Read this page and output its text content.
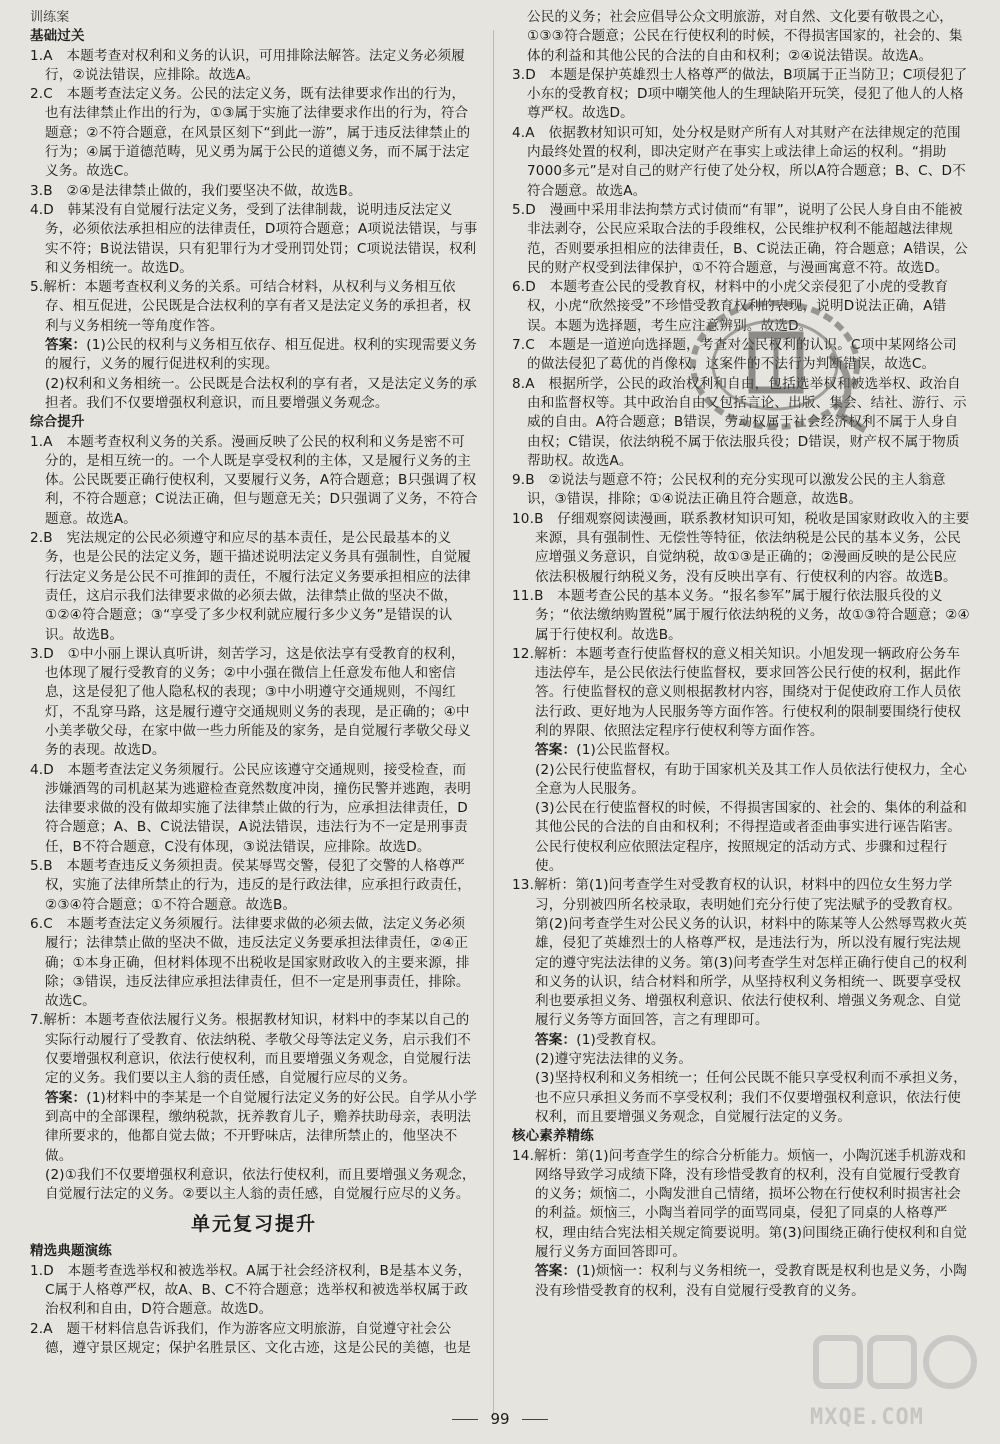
训练案
基础过关

1.A　本题考查对权利和义务的认识，可用排除法解答。法定义务必须履行，②说法错误，应排除。故选A。

2.C　本题考查法定义务。公民的法定义务，既有法律要求作出的行为，也有法律禁止作出的行为，①③属于实施了法律要求作出的行为，符合题意；②不符合题意，在风景区刻下“到此一游”，属于违反法律禁止的行为；④属于道德范畴，见义勇为属于公民的道德义务，而不属于法定义务。故选C。

3.B　②④是法律禁止做的，我们要坚决不做，故选B。

4.D　韩某没有自觉履行法定义务，受到了法律制裁，说明违反法定义务，必须依法承担相应的法律责任，D项符合题意；A项说法错误，与事实不符；B说法错误，只有犯罪行为才受刑罚处罚；C项说法错误，权利和义务相统一。故选D。

5.解析：本题考查权利义务的关系。可结合材料，从权利与义务相互依存、相互促进，公民既是合法权利的享有者又是法定义务的承担者，权利与义务相统一等角度作答。

答案：(1)公民的权利与义务相互依存、相互促进。权利的实现需要义务的履行，义务的履行促进权利的实现。

(2)权利和义务相统一。公民既是合法权利的享有者，又是法定义务的承担者。我们不仅要增强权利意识，而且要增强义务观念。

综合提升

1.A　本题考查权利义务的关系。漫画反映了公民的权利和义务是密不可分的，是相互统一的。一个人既是享受权利的主体，又是履行义务的主体。公民既要正确行使权利，又要履行义务，A符合题意；B只强调了权利，不符合题意；C说法正确，但与题意无关；D只强调了义务，不符合题意。故选A。

2.B　宪法规定的公民必须遵守和应尽的基本责任，是公民最基本的义务，也是公民的法定义务，题干描述说明法定义务具有强制性，自觉履行法定义务是公民不可推卸的责任，不履行法定义务要承担相应的法律责任，这启示我们法律要求做的必须去做，法律禁止做的坚决不做，①②④符合题意；③“享受了多少权利就应履行多少义务”是错误的认识。故选B。

3.D　①中小丽上课认真听讲，刻苦学习，这是依法享有受教育的权利，也体现了履行受教育的义务；②中小强在微信上任意发布他人和密信息，这是侵犯了他人隐私权的表现；③中小明遵守交通规则，不闯红灯，不乱穿马路，这是履行遵守交通规则义务的表现，是正确的；④中小美孝敬父母，在家中做一些力所能及的家务，是自觉履行孝敬父母义务的表现。故选D。

4.D　本题考查法定义务须履行。公民应该遵守交通规则，接受检查，而涉嫌酒驾的司机赵某为逃避检查竟然数度冲岗，撞伤民警并逃跑，表明法律要求做的没有做却实施了法律禁止做的行为，应承担法律责任，D符合题意；A、B、C说法错误，A说法错误，违法行为不一定是刑事责任，B不符合题意，C没有体现，③说法错误，应排除。故选D。

5.B　本题考查违反义务须担责。侯某辱骂交警，侵犯了交警的人格尊严权，实施了法律所禁止的行为，违反的是行政法律，应承担行政责任，②③④符合题意；①不符合题意。故选B。

6.C　本题考查法定义务须履行。法律要求做的必须去做，法定义务必须履行；法律禁止做的坚决不做，违反法定义务要承担法律责任，②④正确；①本身正确，但材料体现不出税收是国家财政收入的主要来源，排除；③错误，违反法律应承担法律责任，但不一定是刑事责任，排除。故选C。

7.解析：本题考查依法履行义务。根据教材知识，材料中的李某以自己的实际行动履行了受教育、依法纳税、孝敬父母等法定义务，启示我们不仅要增强权利意识，依法行使权利，而且要增强义务观念，自觉履行法定的义务。我们要以主人翁的责任感，自觉履行应尽的义务。

答案：(1)材料中的李某是一个自觉履行法定义务的好公民。自学从小学到高中的全部课程，缴纳税款，抚养教育儿子，赡养扶助母亲，表明法律所要求的，他都自觉去做；不开野味店，法律所禁止的，他坚决不做。

(2)①我们不仅要增强权利意识，依法行使权利，而且要增强义务观念，自觉履行法定的义务。②要以主人翁的责任感，自觉履行应尽的义务。

单元复习提升
精选典题演练

1.D　本题考查选举权和被选举权。A属于社会经济权利，B是基本义务，C属于人格尊严权，故A、B、C不符合题意；选举权和被选举权属于政治权利和自由，D符合题意。故选D。

2.A　题干材料信息告诉我们，作为游客应文明旅游，自觉遵守社会公德，遵守景区规定；保护名胜景区、文化古迹，这是公民的美德，也是

公民的义务；社会应倡导公众文明旅游，对自然、文化要有敬畏之心，①③③符合题意；公民在行使权利的时候，不得损害国家的，社会的、集体的利益和其他公民的合法的自由和权利；②④说法错误。故选A。

3.D　本题是保护英雄烈士人格尊严的做法，B项属于正当防卫；C项侵犯了小东的受教育权；D项中嘲笑他人的生理缺陷开玩笑，侵犯了他人的人格尊严权。故选D。

4.A　依据教材知识可知，处分权是财产所有人对其财产在法律规定的范围内最终处置的权利，即决定财产在事实上或法律上命运的权利。“捐助7000多元”是对自己的财产行使了处分权，所以A符合题意；B、C、D不符合题意。故选A。

5.D　漫画中采用非法拘禁方式讨债而“有罪”，说明了公民人身自由不能被非法剥夺，公民应采取合法的手段维权，公民维护权利不能超越法律规范，否则要承担相应的法律责任，B、C说法正确，符合题意；A错误，公民的财产权受到法律保护，①不符合题意，与漫画寓意不符。故选D。

6.D　本题考查公民的受教育权，材料中的小虎父亲侵犯了小虎的受教育权，小虎“欣然接受”不珍惜受教育权利的表现，说明D说法正确，A错误。本题为选择题，考生应注意辨别。故选D。

7.C　本题是一道逆向选择题，考查对公民权利的认识。C项中某网络公司的做法侵犯了葛优的肖像权，这案件的不法行为判断错误，故选C。

8.A　根据所学，公民的政治权利和自由，包括选举权和被选举权、政治自由和监督权等。其中政治自由又包括言论、出版、集会、结社、游行、示威的自由。A符合题意；B错误，劳动权属于社会经济权利不属于人身自由权；C错误，依法纳税不属于依法服兵役；D错误，财产权不属于物质帮助权。故选A。

9.B　②说法与题意不符；公民权利的充分实现可以激发公民的主人翁意识，③错误，排除；①④说法正确且符合题意，故选B。

10.B　仔细观察阅读漫画，联系教材知识可知，税收是国家财政收入的主要来源，具有强制性、无偿性等特征，依法纳税是公民的基本义务，公民应增强义务意识，自觉纳税，故①③是正确的；②漫画反映的是公民应依法积极履行纳税义务，没有反映出享有、行使权利的内容。故选B。

11.B　本题考查公民的基本义务。“报名参军”属于履行依法服兵役的义务；“依法缴纳购置税”属于履行依法纳税的义务，故①③符合题意；②④属于行使权利。故选B。

12.解析：本题考查行使监督权的意义相关知识。小旭发现一辆政府公务车违法停车，是公民依法行使监督权，要求回答公民行使的权利，据此作答。行使监督权的意义则根据教材内容，围绕对于促使政府工作人员依法行政、更好地为人民服务等方面作答。行使权利的限制要围绕行使权利的界限、依照法定程序行使权利等方面作答。

答案：(1)公民监督权。

(2)公民行使监督权，有助于国家机关及其工作人员依法行使权力，全心全意为人民服务。

(3)公民在行使监督权的时候，不得损害国家的、社会的、集体的利益和其他公民的合法的自由和权利；不得捏造或者歪曲事实进行诬告陷害。公民行使权利应依照法定程序，按照规定的活动方式、步骤和过程行使。

13.解析：第(1)问考查学生对受教育权的认识，材料中的四位女生努力学习，分别被四所名校录取，表明她们充分行使了宪法赋予的受教育权。第(2)问考查学生对公民义务的认识，材料中的陈某等人公然辱骂救火英雄，侵犯了英雄烈士的人格尊严权，是违法行为，所以没有履行宪法规定的遵守宪法法律的义务。第(3)问考查学生对怎样正确行使自己的权利和义务的认识，结合材料和所学，从坚持权利义务相统一、既要享受权利也要承担义务、增强权利意识、依法行使权利、增强义务观念、自觉履行义务等方面回答，言之有理即可。

答案：(1)受教育权。

(2)遵守宪法法律的义务。

(3)坚持权利和义务相统一；任何公民既不能只享受权利而不承担义务，也不应只承担义务而不享受权利；我们不仅要增强权利意识，依法行使权利，而且要增强义务观念，自觉履行法定的义务。

核心素养精练

14.解析：第(1)问考查学生的综合分析能力。烦恼一，小陶沉迷手机游戏和网络导致学习成绩下降，没有珍惜受教育的权利，没有自觉履行受教育的义务；烦恼二，小陶发泄自己情绪，损坏公物在行使权利时损害社会的利益。烦恼三，小陶当着同学的面骂同桌，侵犯了同桌的人格尊严权，理由结合宪法相关规定简要说明。第(3)问围绕正确行使权利和自觉履行义务方面回答即可。

答案：(1)烦恼一：权利与义务相统一，受教育既是权利也是义务，小陶没有珍惜受教育的权利，没有自觉履行受教育的义务。

99	MXQE.COM
